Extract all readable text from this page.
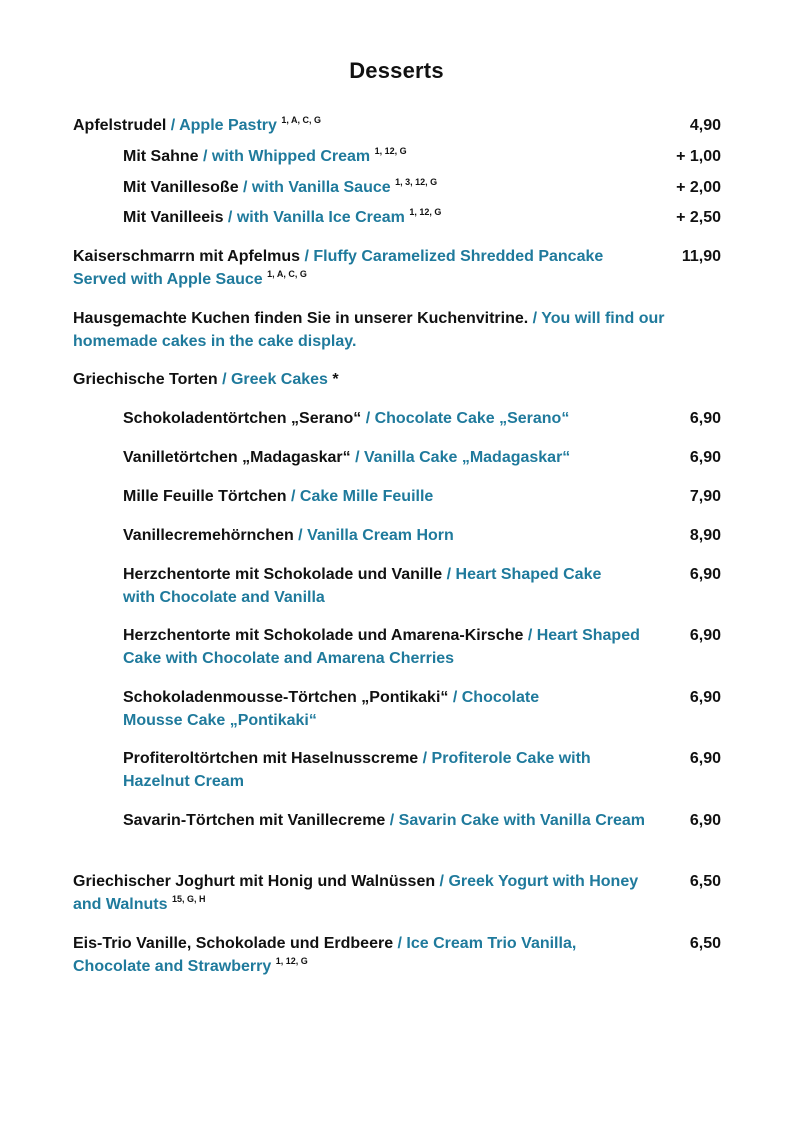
Desserts
Apfelstrudel / Apple Pastry $^{1, A, C, G}$	4,90
Mit Sahne / with Whipped Cream $^{1, 12, G}$	+ 1,00
Mit Vanillesoße / with Vanilla Sauce $^{1, 3, 12, G}$	+ 2,00
Mit Vanilleeis / with Vanilla Ice Cream $^{1, 12, G}$	+ 2,50
Kaiserschmarrn mit Apfelmus / Fluffy Caramelized Shredded Pancake Served with Apple Sauce $^{1, A, C, G}$
11,90
Hausgemachte Kuchen finden Sie in unserer Kuchenvitrine. / You will find our homemade cakes in the cake display.
Griechische Torten / Greek Cakes *
Schokoladentörtchen „Serano“ / Chocolate Cake „Serano“	6,90
Vanilletörtchen „Madagaskar“ / Vanilla Cake „Madagaskar“	6,90
Mille Feuille Törtchen / Cake Mille Feuille	7,90
Vanillecremehörnchen / Vanilla Cream Horn	8,90
Herzchentorte mit Schokolade und Vanille / Heart Shaped Cake with Chocolate and Vanilla
6,90
Herzchentorte mit Schokolade und Amarena-Kirsche / Heart Shaped Cake with Chocolate and Amarena Cherries
6,90
Schokoladenmousse-Törtchen „Pontikaki“ / Chocolate Mousse Cake „Pontikaki“
6,90
Profiteroltörtchen mit Haselnusscreme / Profiterole Cake with Hazelnut Cream
6,90
Savarin-Törtchen mit Vanillecreme / Savarin Cake with Vanilla Cream	6,90
Griechischer Joghurt mit Honig und Walnüssen / Greek Yogurt with Honey and Walnuts $^{15, G, H}$
6,50
Eis-Trio Vanille, Schokolade und Erdbeere / Ice Cream Trio Vanilla, Chocolate and Strawberry $^{1, 12, G}$
6,50
